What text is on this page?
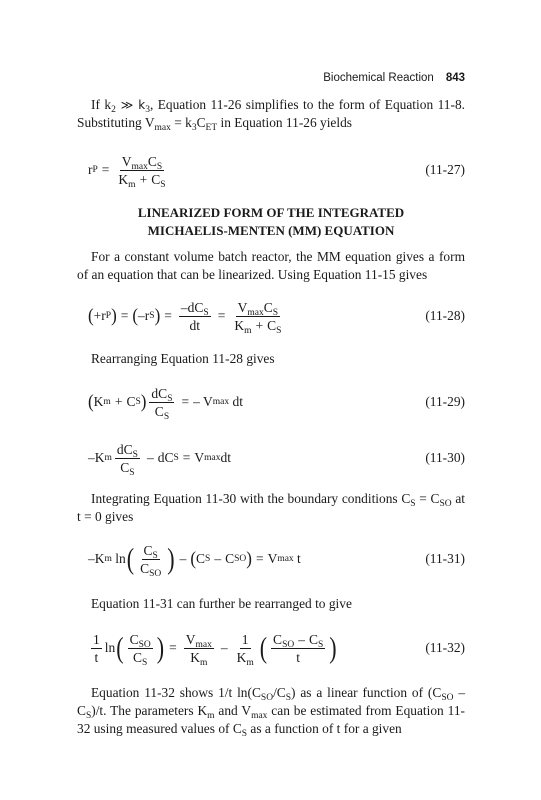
Biochemical Reaction 843
If $k_2$ ≫ $k_3$, Equation 11-26 simplifies to the form of Equation 11-8. Substituting $V_{max} = k_3C_{ET}$ in Equation 11-26 yields
r $P = \frac{V_{max}C_S}{K_m + C_S}$	(11-27)
LINEARIZED FORM OF THE INTEGRATED
MICHAELIS-MENTEN (MM) EQUATION
For a constant volume batch reactor, the MM equation gives a form of an equation that can be linearized. Using Equation 11-15 gives
( +r P ) = ( –r S ) = $\frac{-dC_S}{dt} = \frac{V_{max}C_S}{K_m + C_S}$	(11-28)
Rearranging Equation 11-28 gives
( K m + C S ) $\frac{dC_S}{C_S}$ = – V max
dt	(11-29)
–K m $\frac{dC_S}{C_S}$ – dC S = V max dt	(11-30)
Integrating Equation 11-30 with the boundary conditions $C_S = C_{SO}$ at t = 0 gives
–K m
ln ( $\frac{C_S}{C_{SO}}$ ) – ( C S – C SO ) = V max
t	(11-31)
Equation 11-31 can further be rearranged to give
$\frac{1}{t}$ ln ( $\frac{C_{SO}}{C_S}$ ) = $\frac{V_{max}}{K_m} - \frac{1}{K_m}$ ( $\frac{C_{SO} - C_S}{t}$ )	(11-32)
Equation 11-32 shows 1/t $\ln(C_{SO}/C_S)$ as a linear function of $(C_{SO} - C_S)/t$. The parameters $K_m$ and $V_{max}$ can be estimated from Equation 11-32 using measured values of $C_S$ as a function of t for a given
